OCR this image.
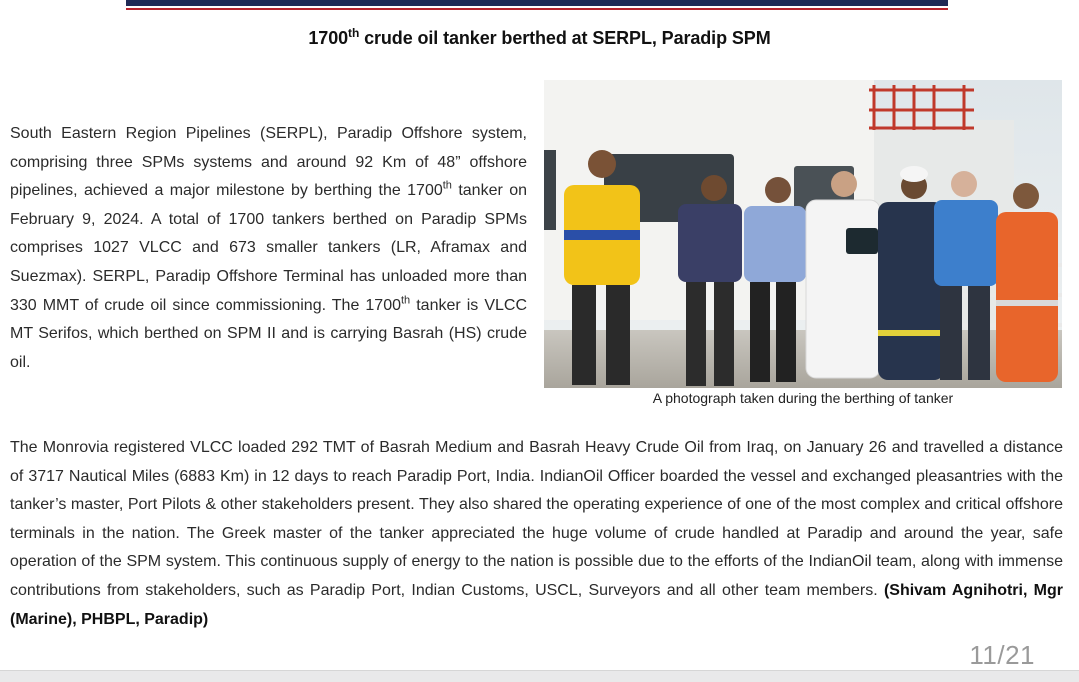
1700th crude oil tanker berthed at SERPL, Paradip SPM
South Eastern Region Pipelines (SERPL), Paradip Offshore system, comprising three SPMs systems and around 92 Km of 48” offshore pipelines, achieved a major milestone by berthing the 1700th tanker on February 9, 2024. A total of 1700 tankers berthed on Paradip SPMs comprises 1027 VLCC and 673 smaller tankers (LR, Aframax and Suezmax). SERPL, Paradip Offshore Terminal has unloaded more than 330 MMT of crude oil since commissioning. The 1700th tanker is VLCC MT Serifos, which berthed on SPM II and is carrying Basrah (HS) crude oil.
A photograph taken during the berthing of tanker
The Monrovia registered VLCC loaded 292 TMT of Basrah Medium and Basrah Heavy Crude Oil from Iraq, on January 26 and travelled a distance of 3717 Nautical Miles (6883 Km) in 12 days to reach Paradip Port, India. IndianOil Officer boarded the vessel and exchanged pleasantries with the tanker’s master, Port Pilots & other stakeholders present. They also shared the operating experience of one of the most complex and critical offshore terminals in the nation. The Greek master of the tanker appreciated the huge volume of crude handled at Paradip and around the year, safe operation of the SPM system. This continuous supply of energy to the nation is possible due to the efforts of the IndianOil team, along with immense contributions from stakeholders, such as Paradip Port, Indian Customs, USCL, Surveyors and all other team members. (Shivam Agnihotri, Mgr (Marine), PHBPL, Paradip)
11/21
